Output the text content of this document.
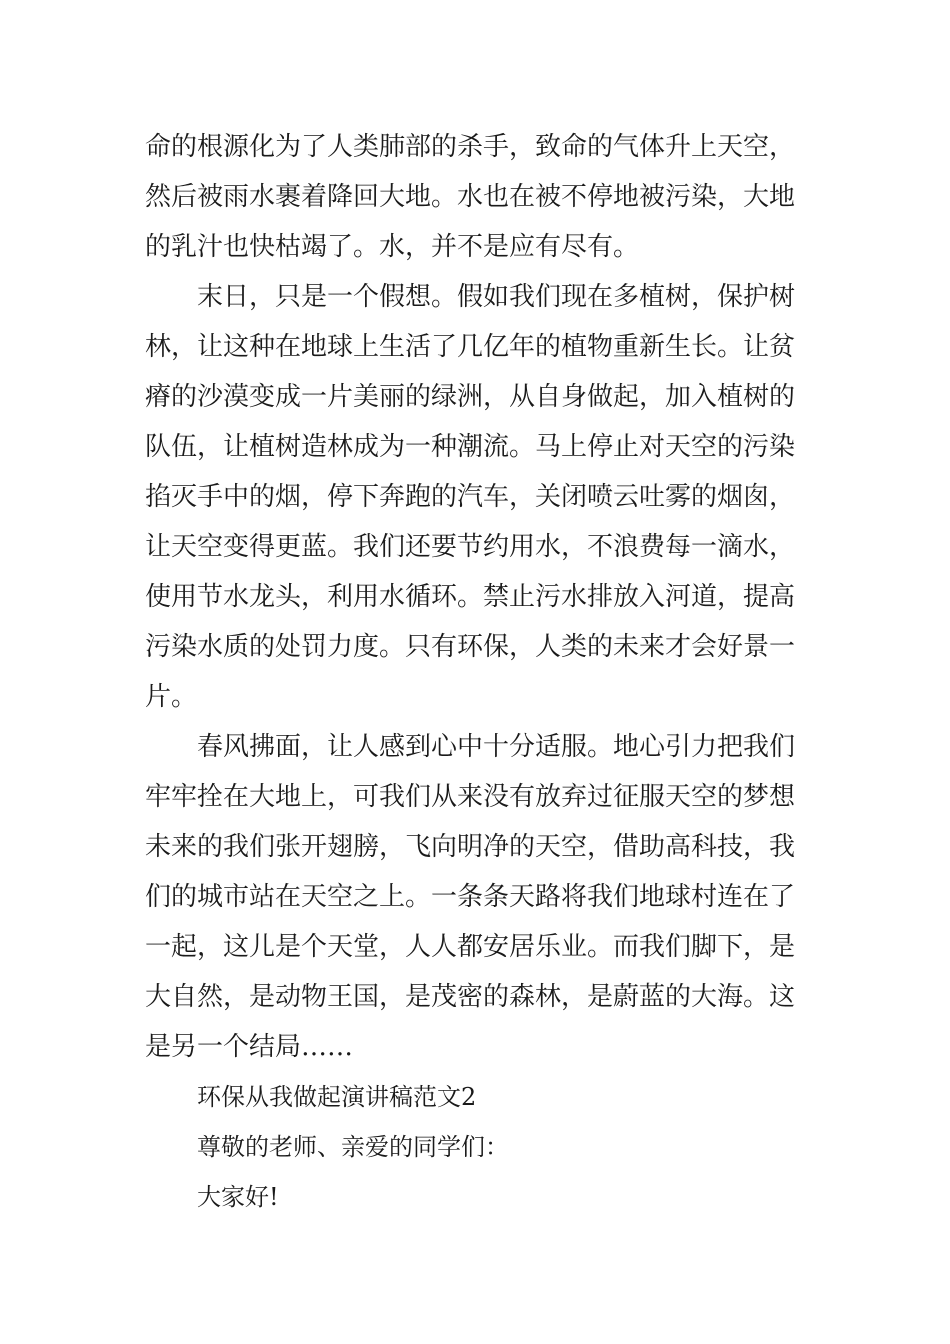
命的根源化为了人类肺部的杀手，致命的气体升上天空，
然后被雨水裹着降回大地。水也在被不停地被污染，大地
的乳汁也快枯竭了。水，并不是应有尽有。
末日，只是一个假想。假如我们现在多植树，保护树
林，让这种在地球上生活了几亿年的植物重新生长。让贫
瘠的沙漠变成一片美丽的绿洲，从自身做起，加入植树的
队伍，让植树造林成为一种潮流。马上停止对天空的污染
掐灭手中的烟，停下奔跑的汽车，关闭喷云吐雾的烟囱，
让天空变得更蓝。我们还要节约用水，不浪费每一滴水，
使用节水龙头，利用水循环。禁止污水排放入河道，提高
污染水质的处罚力度。只有环保，人类的未来才会好景一
片。
春风拂面，让人感到心中十分适服。地心引力把我们
牢牢拴在大地上，可我们从来没有放弃过征服天空的梦想
未来的我们张开翅膀，飞向明净的天空，借助高科技，我
们的城市站在天空之上。一条条天路将我们地球村连在了
一起，这儿是个天堂，人人都安居乐业。而我们脚下，是
大自然，是动物王国，是茂密的森林，是蔚蓝的大海。这
是另一个结局……
环保从我做起演讲稿范文2
尊敬的老师、亲爱的同学们：
大家好!
